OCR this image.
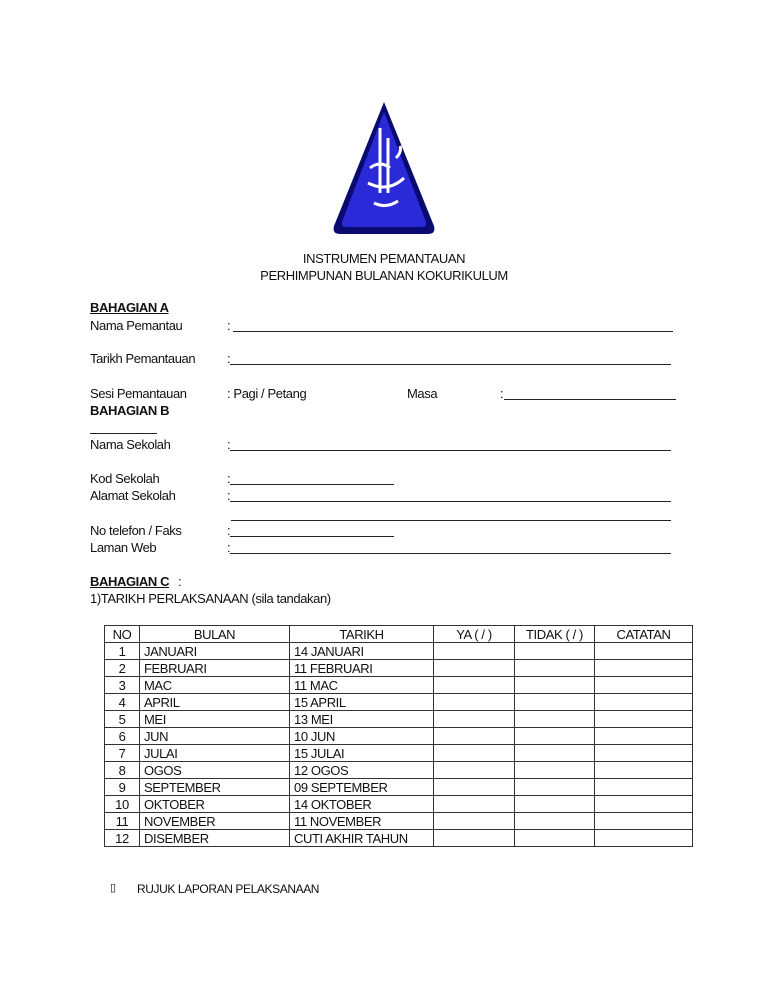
INSTRUMEN PEMANTAUAN
PERHIMPUNAN BULANAN KOKURIKULUM
BAHAGIAN A
Nama Pemantau	:
Tarikh Pemantauan :
Sesi Pemantauan	: Pagi / Petang	Masa	:
BAHAGIAN B
Nama Sekolah	:
Kod Sekolah	:
Alamat Sekolah	:
No telefon / Faks	:
Laman Web	:
BAHAGIAN C :
1)TARIKH PERLAKSANAAN (sila tandakan)
NO	BULAN	TARIKH	YA ( / )	TIDAK ( / )	CATATAN
1	JANUARI	14 JANUARI			
2	FEBRUARI	11 FEBRUARI			
3	MAC	11 MAC			
4	APRIL	15 APRIL			
5	MEI	13 MEI			
6	JUN	10 JUN			
7	JULAI	15 JULAI			
8	OGOS	12 OGOS			
9	SEPTEMBER	09 SEPTEMBER			
10	OKTOBER	14 OKTOBER			
11	NOVEMBER	11 NOVEMBER			
12	DISEMBER	CUTI AKHIR TAHUN			
▯ RUJUK LAPORAN PELAKSANAAN
